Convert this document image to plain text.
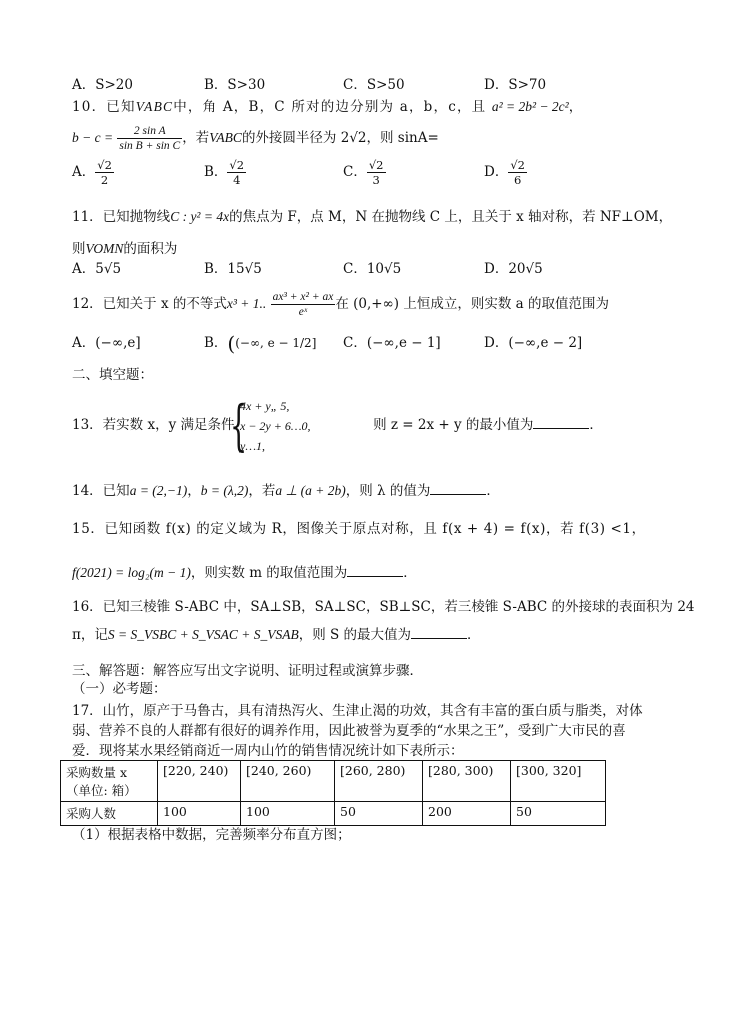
A．S>20	B．S>30	C．S>50	D．S>70
10．已知VABC中，角 A，B，C 所对的边分别为 a，b，c，且 a² = 2b² − 2c²，
$b - c = \frac{\text{2 sin A}}{\text{sin B + sin C}}$ ，若VABC的外接圆半径为 2√2，则 sinA=
A． $\frac{√2}{2}$	B． $\frac{√2}{4}$	C． $\frac{√2}{3}$	D． $\frac{√2}{6}$
11．已知抛物线C : y² = 4x的焦点为 F，点 M，N 在抛物线 C 上，且关于 x 轴对称，若 NF⊥OM，
则VOMN的面积为
A．5√5	B．15√5	C．10√5	D．20√5
12．已知关于 x 的不等式x³ + 1.. $\frac{\text{ax³ + x² + ax}}{\text{eˣ}}$ 在 (0,+∞) 上恒成立，则实数 a 的取值范围为
A．(−∞,e]	B．((−∞, e − 1/2] C．(−∞,e − 1]	D．(−∞,e − 2]
二、填空题：
13．若实数 x，y 满足条件	则 z = 2x + y 的最小值为	．
{
4x + y„ 5,
x − 2y + 6…0,
y…1,
14．已知a = (2,−1)，b = (λ,2)，若a ⊥ (a + 2b)，则 λ 的值为	．
15．已知函数 f(x) 的定义域为 R，图像关于原点对称，且 f(x + 4) = f(x)，若 f(3) <1，
f(2021) = log₂(m − 1)，则实数 m 的取值范围为	．
16．已知三棱锥 S-ABC 中，SA⊥SB，SA⊥SC，SB⊥SC，若三棱锥 S-ABC 的外接球的表面积为 24
π，记S = S_VSBC + S_VSAC + S_VSAB，则 S 的最大值为	．
三、解答题：解答应写出文字说明、证明过程或演算步骤．
（一）必考题：
17．山竹，原产于马鲁古，具有清热泻火、生津止渴的功效，其含有丰富的蛋白质与脂类，对体
弱、营养不良的人群都有很好的调养作用，因此被誉为夏季的“水果之王”，受到广大市民的喜
爱．现将某水果经销商近一周内山竹的销售情况统计如下表所示：
采购数量 x
（单位: 箱）	[220, 240)	[240, 260)	[260, 280)	[280, 300)	[300, 320]
采购人数	100	100	50	200	50
（1）根据表格中数据，完善频率分布直方图；
